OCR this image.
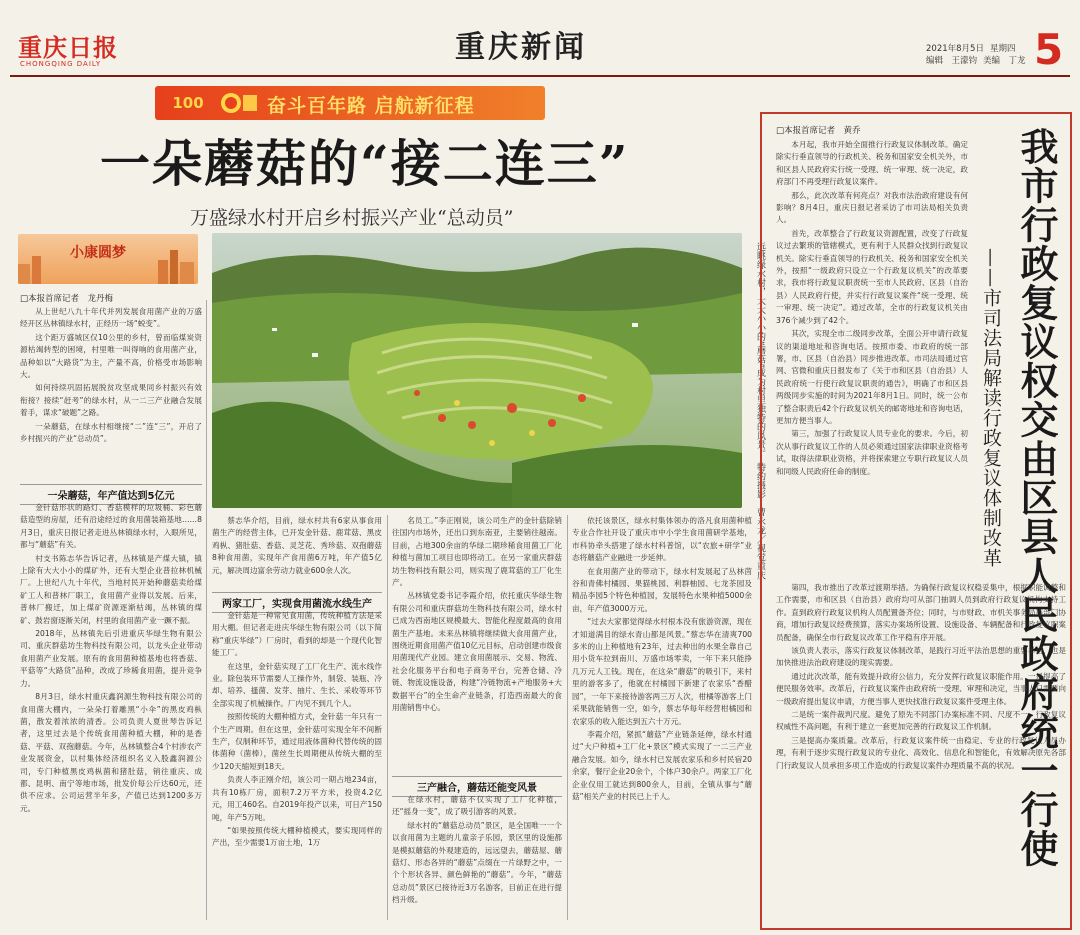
重庆日报
CHONGQING DAILY	重庆新闻	2021年8月5日 星期四
编辑　王濛钧 美编　丁龙 5
100	奋斗百年路 启航新征程
一朵蘑菇的“接二连三”
万盛绿水村开启乡村振兴产业“总动员”
小康圆梦
□本报首席记者　龙丹梅

从上世纪八九十年代并列发展食用菌产业的万盛经开区丛林镇绿水村，正经历一场“蜕变”。

这个距万盛城区仅10公里的乡村，曾而临煤炭资源枯竭转型的困境，村里唯一叫得响的食用菌产业，品种如以“大路货”为主，产量不高，价格受市场影响大。

如何持续巩固拓展脱贫攻坚成果同乡村振兴有效衔接？接续“赶考”的绿水村，从一二三产业融合发展着手，谋求“破题”之路。

一朵蘑菇，在绿水村相继接“二”连“三”，开启了乡村振兴的产业“总动员”。

一朵蘑菇，年产值达到5亿元

金针菇形状的路灯、香菇模样的垃圾桶、彩色蘑菇造型的房屋，还有沿途经过的食用菌装箱基地……8月3日，重庆日报记者走进丛林镇绿水村，入眼所见，都与“蘑菇”有关。

村支书陈志华告诉记者，丛林镇是产煤大镇，镇上除有大大小小的煤矿外，还有大型企业普拉林机械厂。上世纪八九十年代，当地村民开始种蘑菇卖给煤矿工人和普林厂职工，食用菌产业得以发展。后来，普林厂搬迁，加上煤矿资源逐渐枯竭，丛林镇的煤矿、鼓岩窗逐渐关闭，村里的食用菌产业一蹶不振。

2018年，丛林镇先后引进重庆华绿生物有限公司、重庆群菇坊生物科技有限公司，以龙头企业带动食用菌产业发展。原有的食用菌种植基地也将香菇、平菇等“大路货”品种，改成了珍稀食用菌，提升竞争力。

8月3日，绿水村重庆鑫润源生物科技有限公司的食用菌大棚内，一朵朵打着雕黑“小伞”的黑皮鸡枞菌，散发着浓浓的清香。公司负责人夏世琴告诉记者，这里过去是个传统食用菌种植大棚，种的是香菇、平菇、双孢蘑菇。今年，丛林镇整合4个村涉农产业发展资金，以村集体经济组织名义入股鑫润源公司，专门种植黑皮鸡枞菌和猪肚菇，销往重庆、成都、昆明、南宁等地市场，批发价每公斤达60元，还供不应求。公司运营半年多，产值已达到1200多万元。

远眺绿水村，大大小小的“蘑菇”成为村里独特的风景。　特约摄影　曹永龙／视觉重庆

蔡志华介绍，目前，绿水村共有6家从事食用菌生产的经营主体，已开发金针菇、鹿茸菇、黑皮鸡枞、猪肚菇、香菇、灵芝花、秀珍菇、双孢蘑菇8种食用菌，实现年产食用菌6万吨，年产值5亿元，解决周边富余劳动力就业600余人次。

两家工厂，实现食用菌流水线生产

金针菇是一种常见食用菌，传统种植方法是采用大棚。但记者走进庆华绿生物有限公司（以下简称“重庆华绿”）厂房时，看到的却是一个现代化智能工厂。

在这里，金针菇实现了工厂化生产、流水线作业。除包装环节需要人工操作外，制袋、装瓶、冷却、培养、搔菌、发芽、抽片、生长、采收等环节全部实现了机械操作。厂内见不到几个人。

按照传统的大棚种植方式，金针菇一年只有一个生产周期。但在这里，金针菇可实现全年不间断生产，仅制种环节，通过用液体菌种代替传统的固体菌种（菌棒），菌丝生长周期便从传统大棚的至少120天缩短到18天。

负责人李正刚介绍，该公司一期占地234亩，共有10栋厂房，面积7.2万平方米，投资4.2亿元，用工460名。自2019年投产以来，可日产150吨，年产5万吨。

“如果按照传统大棚种植模式，要实现同样的产出，至少需要1万亩土地，1万

名员工。”李正刚说，该公司生产的金针菇除销往国内市场外，还出口到东南亚，主要销往越南。目前，占地300余亩的华绿二期珍稀食用菌工厂化种植与菌加工项目也即将动工。在另一家重庆群菇坊生物科技有限公司，则实现了鹿茸菇的工厂化生产。

丛林镇党委书记李霞介绍，依托重庆华绿生物有限公司和重庆群菇坊生物科技有限公司，绿水村已成为西南地区规模最大、智能化程度最高的食用菌生产基地。未来丛林镇将继续做大食用菌产业，围绕近期食用菌产值10亿元目标，启动创建市级食用菌现代产业园。建立食用菌展示、交易、物流、社会化服务平台和电子商务平台，完善仓储、冷链、物流设施设备，构建“冷链物流+产地服务+大数据平台”的全生命产业链条，打造西南最大的食用菌销售中心。

三产融合，蘑菇还能变风景

在绿水村，蘑菇不仅实现了工厂化种植，还“摇身一变”，成了吸引游客的风景。

绿水村的“蘑菇总动员”景区，是全国唯一一个以食用菌为主题的儿童亲子乐园，景区里的设施都是模拟蘑菇的外观建造的，远远望去，蘑菇屋、蘑菇灯、形态各异的“蘑菇”点缀在一片绿野之中，一个个形状各异、颜色鲜艳的“蘑菇”。今年，“蘑菇总动员”景区已接待近3万名游客，目前正在进行提档升级。

依托该景区，绿水村集体领办的洛凡食用菌种植专业合作社开设了重庆市中小学生食用菌研学基地，市科协牵头搭建了绿水村科普馆，以“农旅+研学”业态将蘑菇产业融进一步延伸。

在食用菌产业的带动下，绿水村发展起了丛林茵谷和青佛村橘园、果猫桃园、利群柚园、七龙茶园及精品李园5个特色种植园，发展特色水果种植5000余亩，年产值3000万元。

“过去大家都觉得绿水村根本没有旅游资源，现在才知道满目的绿水青山都是风景。”蔡志华在清爽700多米的山上种植地有23年，过去种出的水果全靠自己用小货车拉到南川、万盛市场零卖，一年下来只能挣几万元人工钱。现在，在这朵“蘑菇”的吸引下，来村里的游客多了，他就在村橘园下新建了农家乐“香醋园”，一年下来接待游客两三万人次，柑橘等游客上门采果就能销售一空，如今，蔡志华每年经营柑橘园和农家乐的收入能达到五六十万元。

李霞介绍，紧抓“蘑菇”产业链条延伸，绿水村通过“大户种植+工厂化+景区”模式实现了一二三产业融合发展。如今，绿水村已发展农家乐和乡村民宿20余家，餐厅企业20余个，个体户30余户。两家工厂化企业仅用工就达到800余人，目前，全镇从事与“蘑菇”相关产业的村民已上千人。

□本报首席记者　黄乔

本月起，我市开始全面推行行政复议体制改革。确定除实行垂直领导的行政机关、税务和国家安全机关外，市和区县人民政府实行统一受理、统一审理、统一决定，政府部门不再受理行政复议案件。

那么，此次改革有何亮点？对我市法治政府建设有何影响？8月4日，重庆日报记者采访了市司法局相关负责人。

首先，改革整合了行政复议资源配置，改变了行政复议过去繁琐的管辖模式，更有利于人民群众找到行政复议机关。除实行垂直领导的行政机关、税务和国家安全机关外，按照“一级政府只设立一个行政复议机关”的改革要求，我市将行政复议职责统一至市人民政府、区县（自治县）人民政府行使，并实行行政复议案件“统一受理、统一审理、统一决定”。通过改革，全市的行政复议机关由376个减少到了42个。

其次，实现全市二级同步改革，全面公开申请行政复议的渠道地址和咨询电话。按照市委、市政府的统一部署，市、区县（自治县）同步推进改革。市司法局通过官网、官微和重庆日报发布了《关于市和区县（自治县）人民政府统一行使行政复议职责的通告》，明确了市和区县两级同步实施的时间为2021年8月1日。同时，统一公布了整合职责后42个行政复议机关的邮寄地址和咨询电话，更加方便当事人。

第三，加强了行政复议人员专业化的要求。今后，初次从事行政复议工作的人员必须通过国家法律职业资格考试，取得法律职业资格，并将探索建立专职行政复议人员和同级人民政府任命的制度。	——市司法局解读行政复议体制改革 我市行政复议权交由区县人民政府统一行使

第四，我市推出了改革过渡期举措。为确保行政复议权稳妥集中，根据职能调整和工作需要，市和区县（自治县）政府均可从部门抽调人员到政府行政复议机构支持工作。直到政府行政复议机构人员配置备齐位；同时，与市财政、市机关事务局等部门协商，增加行政复议经费预算，落实办案场所设置、设施设备、车辆配备和行政复议职案员配备，确保全市行政复议改革工作平稳有序开展。

该负责人表示，落实行政复议体制改革，是践行习近平法治思想的重要举措，也是加快推进法治政府建设的现实需要。

通过此次改革，能有效提升政府公信力，充分发挥行政复议职能作用。一是提高了便民服务效率。改革后，行政复议案件由政府统一受理、审理和决定，当事人只需要向一级政府提出复议申请，方便当事人更快找准行政复议案件受理主体。

二是统一案件裁判尺度。避免了原先不同部门办案标准不同、尺度不一、行政复议权威性不高问题，有利于建立一套更加完善的行政复议工作机制。

三是提高办案质量。改革后，行政复议案件统一由稳定、专业的行政复议人员办理，有利于逐步实现行政复议的专业化、高效化、信息化和智能化，有效解决原先各部门行政复议人员承担多项工作造成的行政复议案件办理质量不高的状况。
